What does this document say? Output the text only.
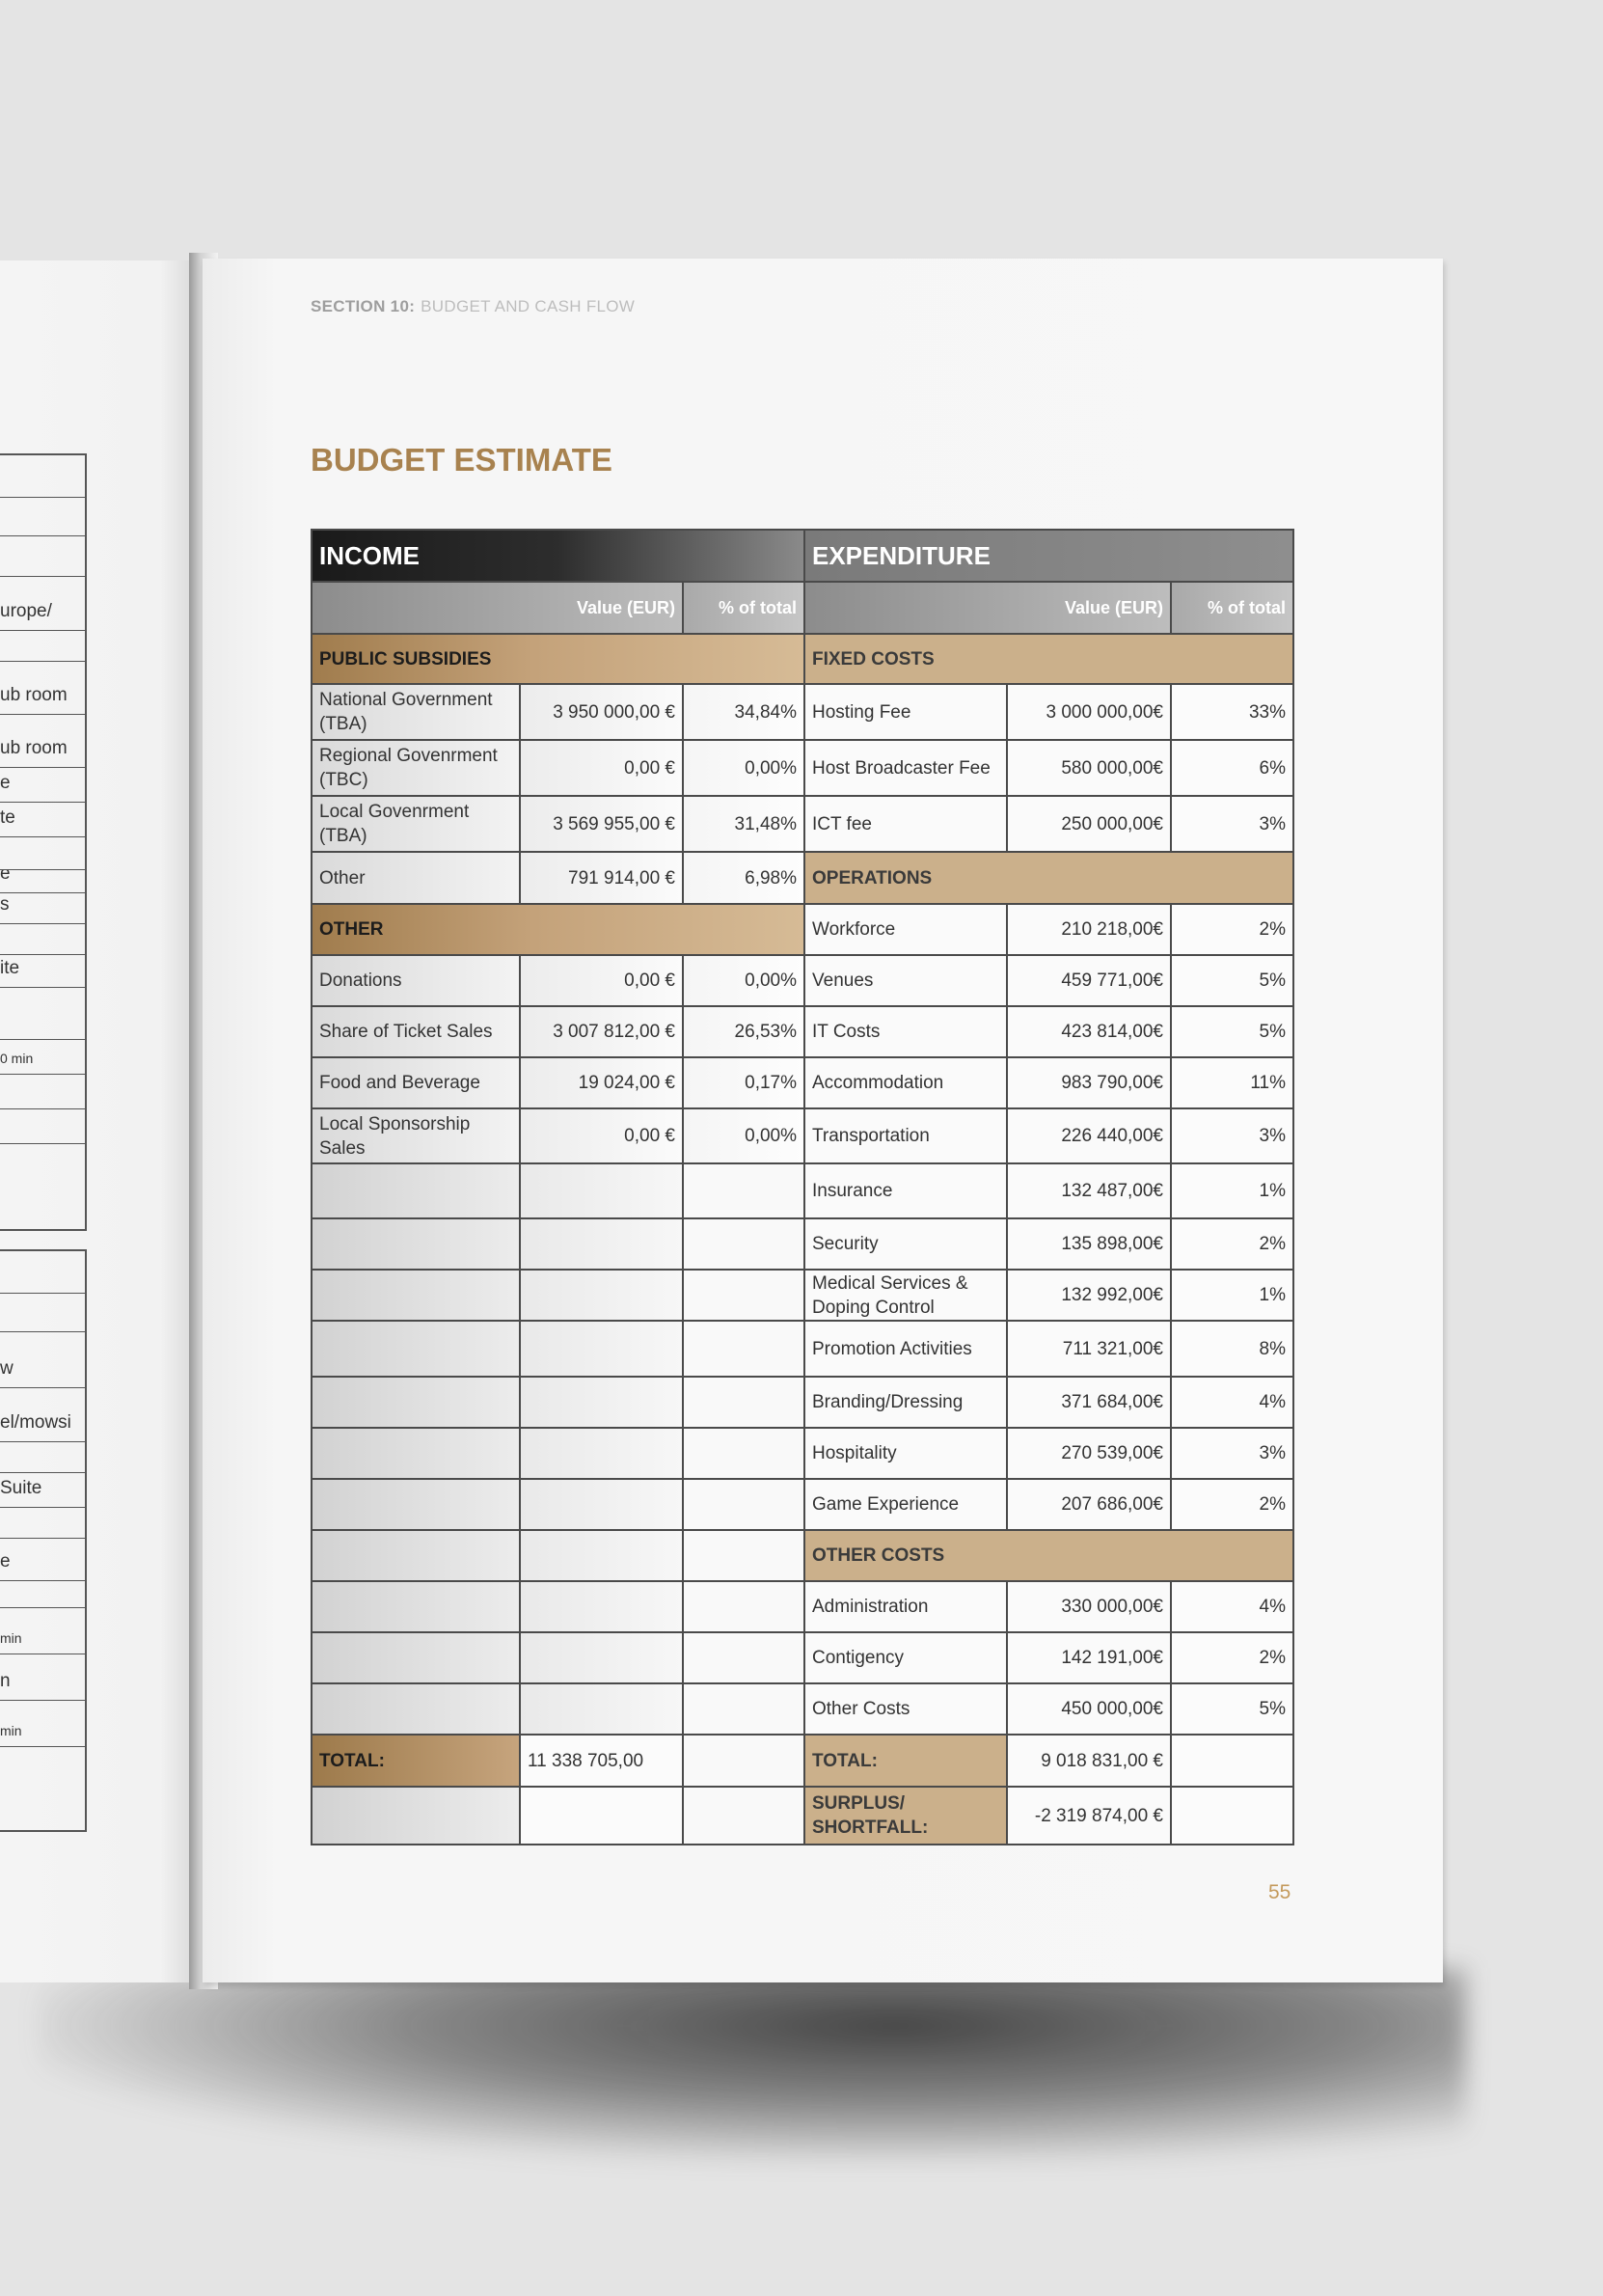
urope/
ub room
ub room
e
te
e
s
ite
0 min
w
el/mowsi
Suite
e
min
n
min
SECTION 10: BUDGET AND CASH FLOW
BUDGET ESTIMATE
INCOME			EXPENDITURE		
Value (EUR)		% of total	Value (EUR)		% of total
PUBLIC SUBSIDIES			FIXED COSTS		
National Government (TBA)	3 950 000,00 €	34,84%	Hosting Fee	3 000 000,00€	33%
Regional Govenrment (TBC)	0,00 €	0,00%	Host Broadcaster Fee	580 000,00€	6%
Local Govenrment (TBA)	3 569 955,00 €	31,48%	ICT fee	250 000,00€	3%
Other	791 914,00 €	6,98%	OPERATIONS		
OTHER			Workforce	210 218,00€	2%
Donations	0,00 €	0,00%	Venues	459 771,00€	5%
Share of Ticket Sales	3 007 812,00 €	26,53%	IT Costs	423 814,00€	5%
Food and Beverage	19 024,00 €	0,17%	Accommodation	983 790,00€	11%
Local Sponsorship Sales	0,00 €	0,00%	Transportation	226 440,00€	3%
			Insurance	132 487,00€	1%
			Security	135 898,00€	2%
			Medical Services & Doping Control	132 992,00€	1%
			Promotion Activities	711 321,00€	8%
			Branding/Dressing	371 684,00€	4%
			Hospitality	270 539,00€	3%
			Game Experience	207 686,00€	2%
			OTHER COSTS		
			Administration	330 000,00€	4%
			Contigency	142 191,00€	2%
			Other Costs	450 000,00€	5%
TOTAL:	11 338 705,00		TOTAL:	9 018 831,00 €	
			SURPLUS/ SHORTFALL:	-2 319 874,00 €	
55
